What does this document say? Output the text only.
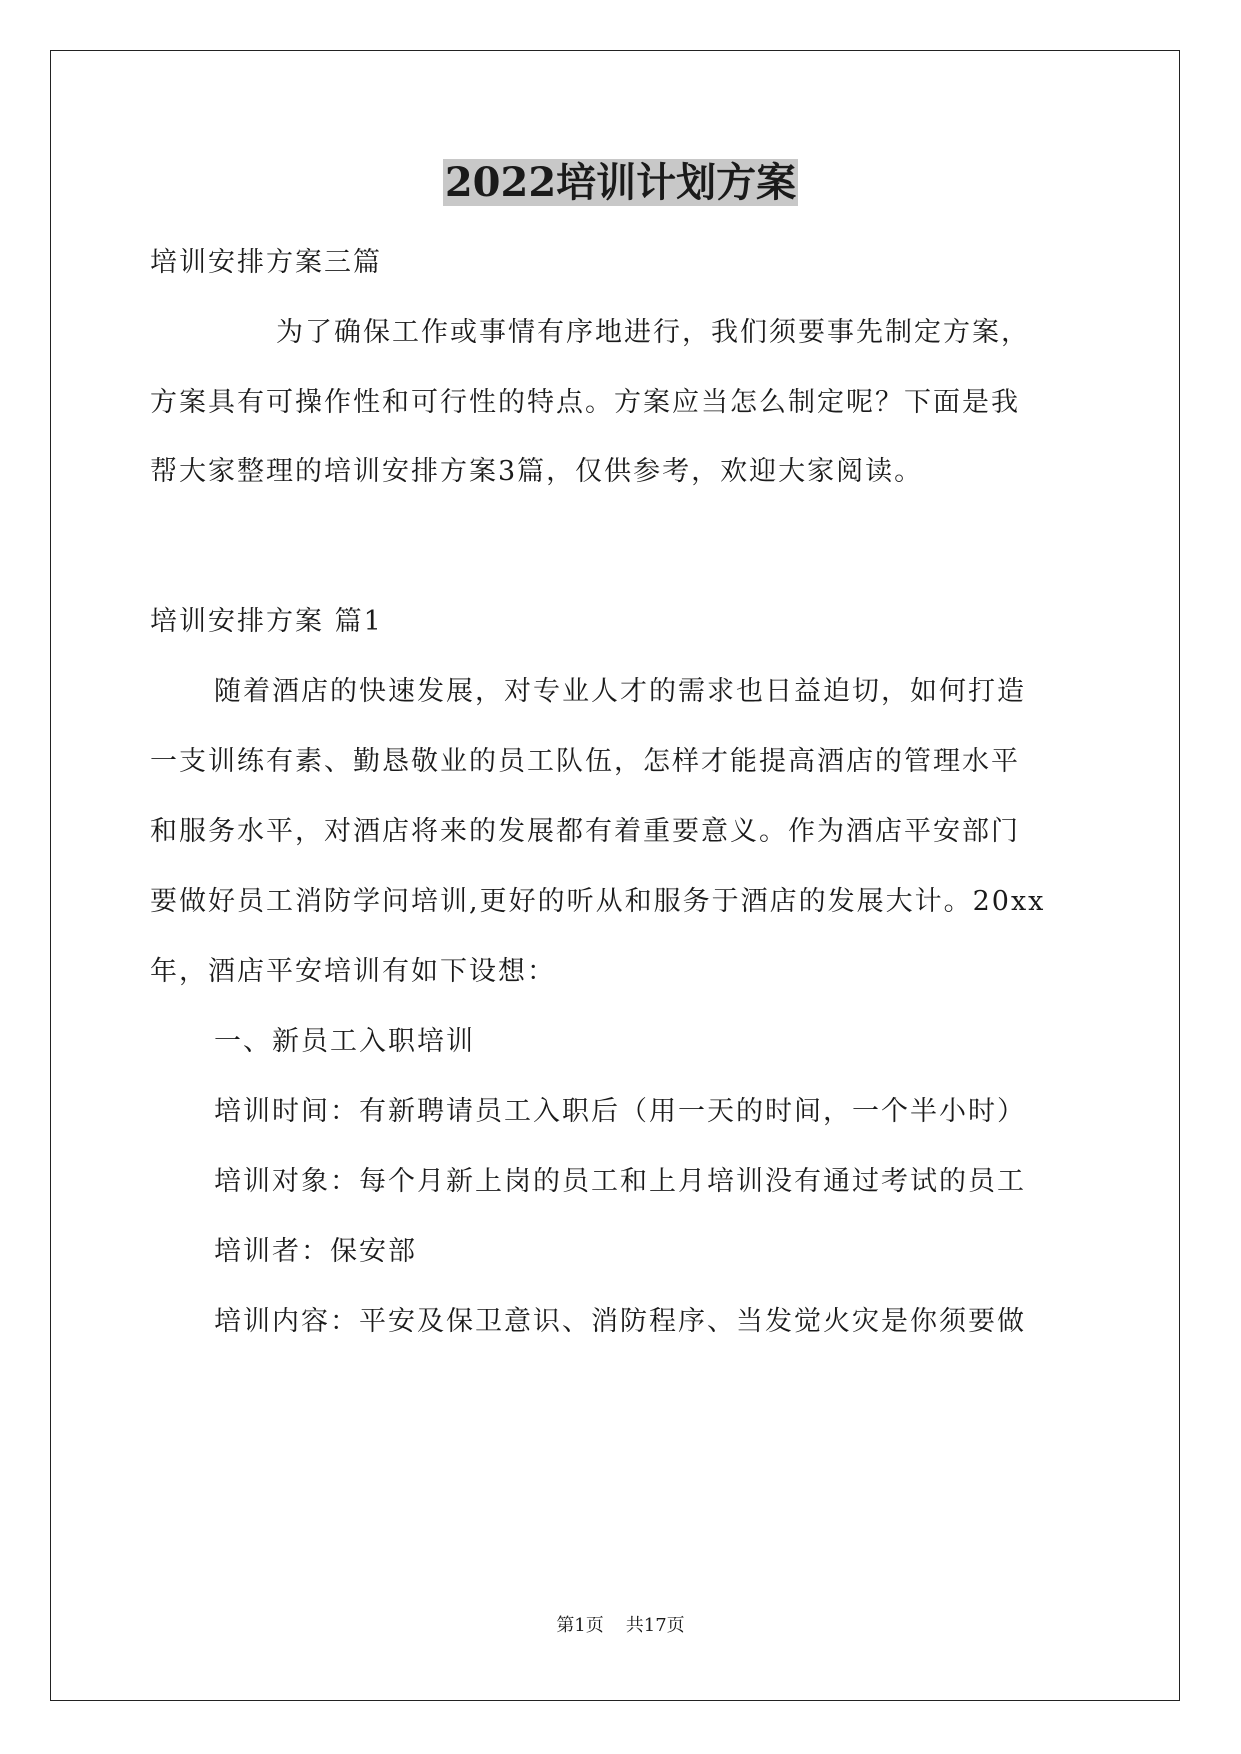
2022培训计划方案
培训安排方案三篇
为了确保工作或事情有序地进行，我们须要事先制定方案，
方案具有可操作性和可行性的特点。方案应当怎么制定呢？下面是我
帮大家整理的培训安排方案3篇，仅供参考，欢迎大家阅读。
培训安排方案 篇1
随着酒店的快速发展，对专业人才的需求也日益迫切，如何打造
一支训练有素、勤恳敬业的员工队伍，怎样才能提高酒店的管理水平
和服务水平，对酒店将来的发展都有着重要意义。作为酒店平安部门
要做好员工消防学问培训,更好的听从和服务于酒店的发展大计。20xx
年，酒店平安培训有如下设想：
一、新员工入职培训
培训时间：有新聘请员工入职后（用一天的时间，一个半小时）
培训对象：每个月新上岗的员工和上月培训没有通过考试的员工
培训者：保安部
培训内容：平安及保卫意识、消防程序、当发觉火灾是你须要做
第1页 共17页
